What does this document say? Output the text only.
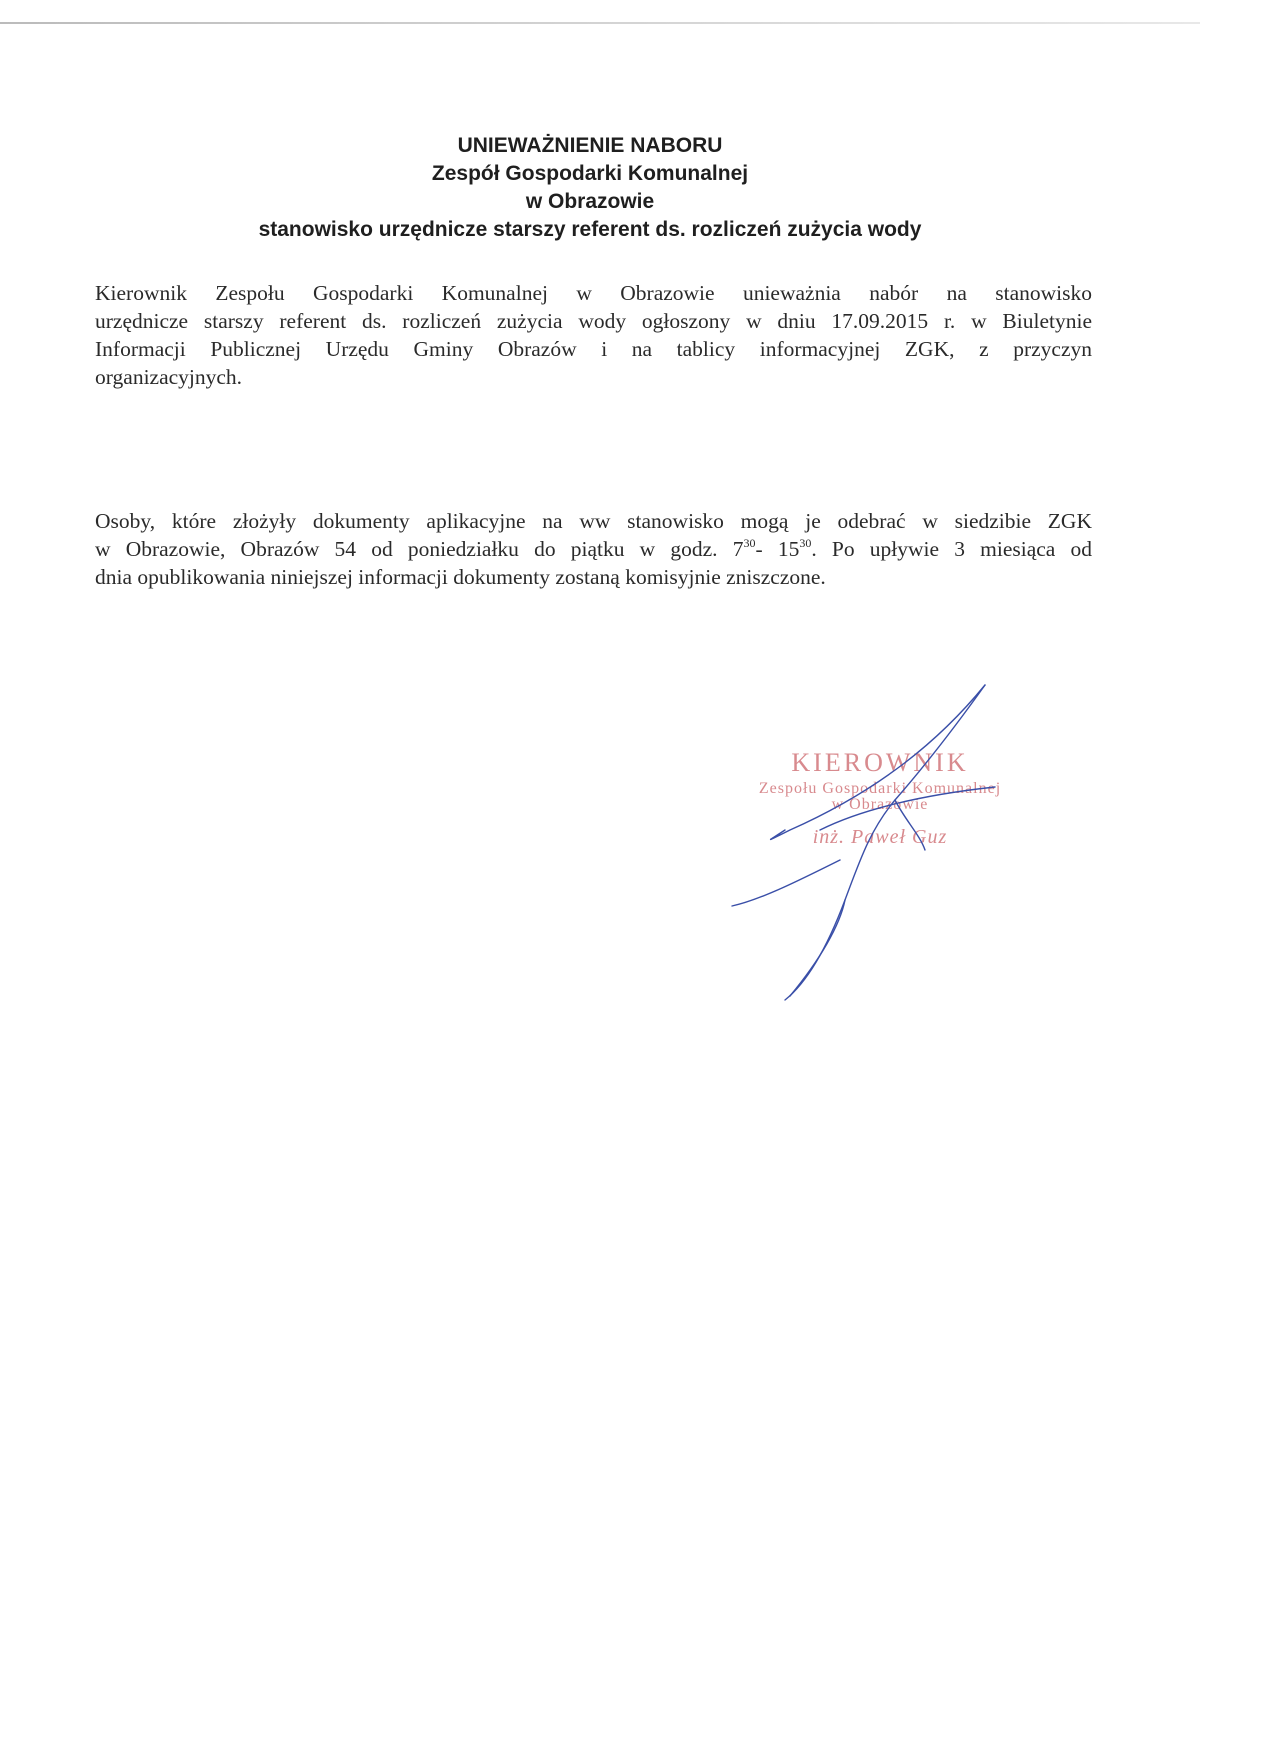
UNIEWAŻNIENIE NABORU
Zespół Gospodarki Komunalnej
w Obrazowie
stanowisko urzędnicze starszy referent ds. rozliczeń zużycia wody
Kierownik Zespołu Gospodarki Komunalnej w Obrazowie unieważnia nabór na stanowisko
urzędnicze starszy referent ds. rozliczeń zużycia wody ogłoszony w dniu 17.09.2015 r. w Biuletynie
Informacji Publicznej Urzędu Gminy Obrazów i na tablicy informacyjnej ZGK, z przyczyn
organizacyjnych.
Osoby, które złożyły dokumenty aplikacyjne na ww stanowisko mogą je odebrać w siedzibie ZGK
w Obrazowie, Obrazów 54 od poniedziałku do piątku w godz. $7^{30}-$ $15^{30}$. Po upływie 3 miesiąca od
dnia opublikowania niniejszej informacji dokumenty zostaną komisyjnie zniszczone.
KIEROWNIK
Zespołu Gospodarki Komunalnej
w Obrazowie
inż. Paweł Guz
